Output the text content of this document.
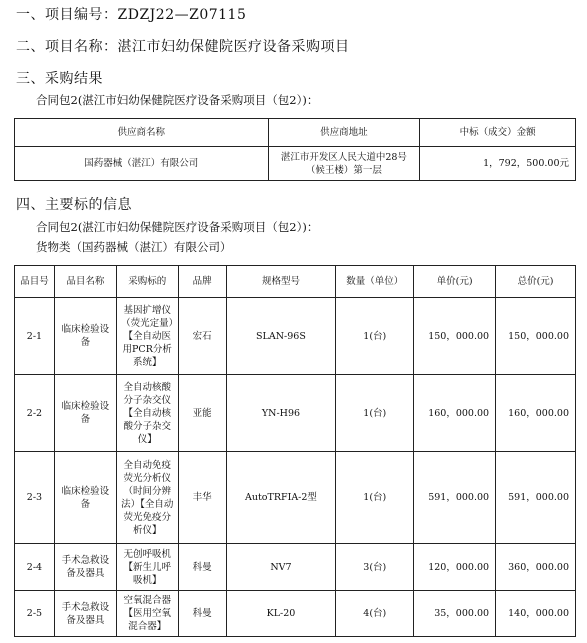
一、项目编号：ZDZJ22—Z07115
二、项目名称：湛江市妇幼保健院医疗设备采购项目
三、采购结果
合同包2(湛江市妇幼保健院医疗设备采购项目（包2）)：
供应商名称	供应商地址	中标（成交）金额
国药器械（湛江）有限公司	湛江市开发区人民大道中28号（候王楼）第一层	1，792，500.00元
四、主要标的信息
合同包2(湛江市妇幼保健院医疗设备采购项目（包2）)：
货物类（国药器械（湛江）有限公司）
品目号	品目名称	采购标的	品牌	规格型号	数量（单位）	单价(元)	总价(元)
2-1	临床检验设备	基因扩增仪（荧光定量）【全自动医用PCR分析系统】	宏石	SLAN-96S	1(台)	150，000.00	150，000.00
2-2	临床检验设备	全自动核酸分子杂交仪【全自动核酸分子杂交仪】	亚能	YN-H96	1(台)	160，000.00	160，000.00
2-3	临床检验设备	全自动免疫荧光分析仪（时间分辨法）【全自动荧光免疫分析仪】	丰华	AutoTRFIA-2型	1(台)	591，000.00	591，000.00
2-4	手术急救设备及器具	无创呼吸机【新生儿呼吸机】	科曼	NV7	3(台)	120，000.00	360，000.00
2-5	手术急救设备及器具	空氧混合器【医用空氧混合器】	科曼	KL-20	4(台)	35，000.00	140，000.00
